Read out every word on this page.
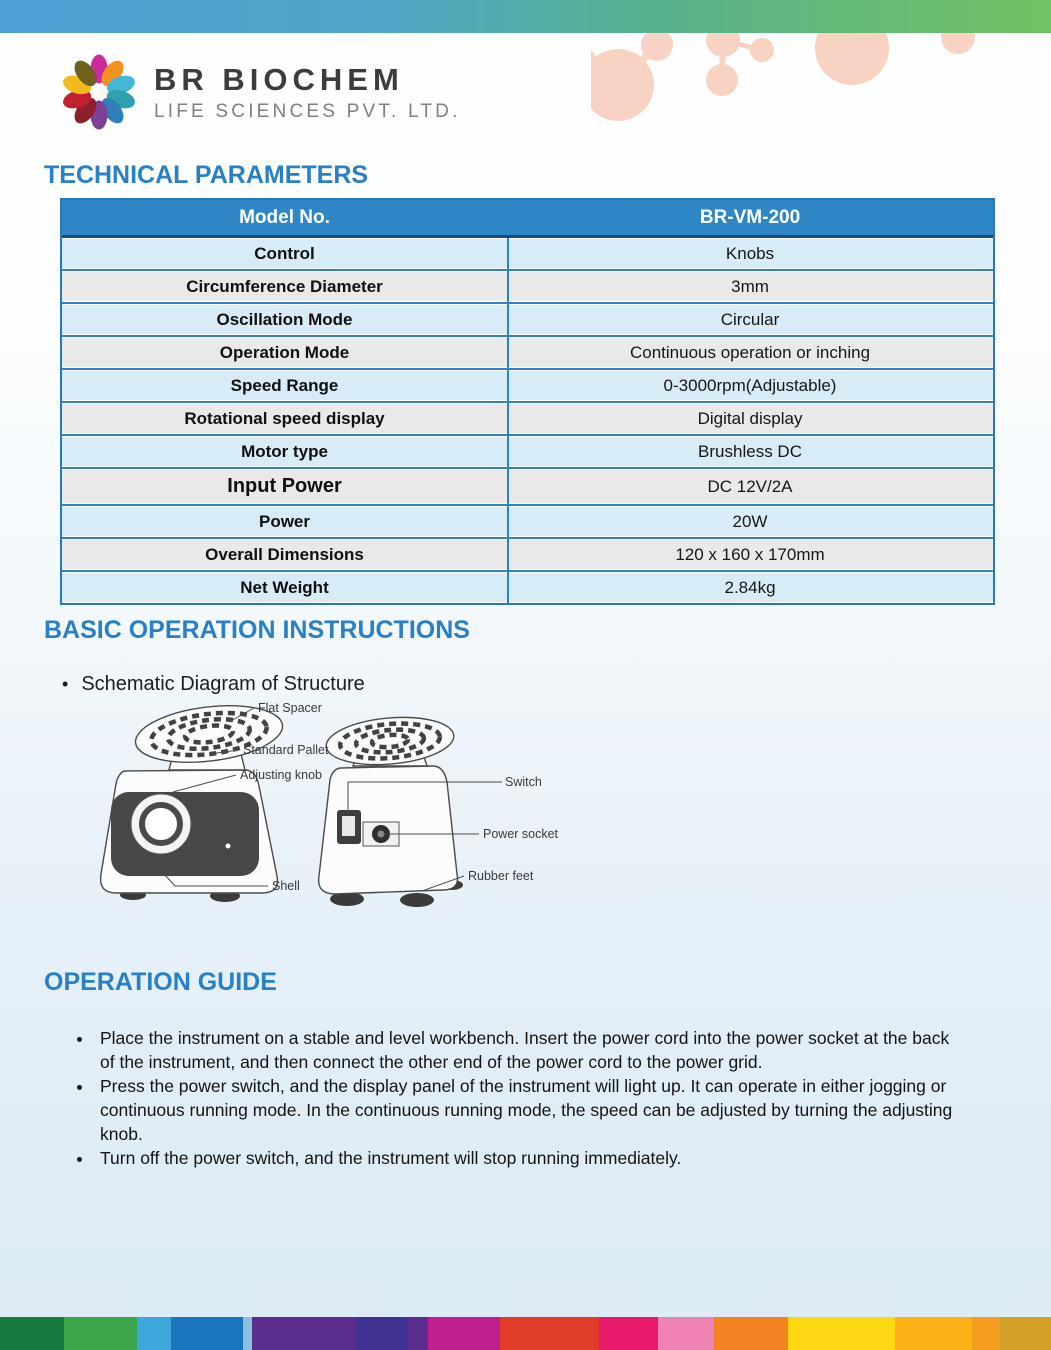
BR BIOCHEM
LIFE SCIENCES PVT. LTD.
TECHNICAL PARAMETERS
Model No.	BR-VM-200
Control	Knobs
Circumference Diameter	3mm
Oscillation Mode	Circular
Operation Mode	Continuous operation or inching
Speed Range	0-3000rpm(Adjustable)
Rotational speed display	Digital display
Motor type	Brushless DC
Input Power	DC 12V/2A
Power	20W
Overall Dimensions	120 x 160 x 170mm
Net Weight	2.84kg
BASIC OPERATION INSTRUCTIONS
• Schematic Diagram of Structure
Flat Spacer
Standard Pallet
Adjusting knob	Switch
Power socket
Rubber feet
Shell
OPERATION GUIDE
• Place the instrument on a stable and level workbench. Insert the power cord into the power socket at the back of the instrument, and then connect the other end of the power cord to the power grid.
• Press the power switch, and the display panel of the instrument will light up. It can operate in either jogging or continuous running mode. In the continuous running mode, the speed can be adjusted by turning the adjusting knob.
• Turn off the power switch, and the instrument will stop running immediately.
